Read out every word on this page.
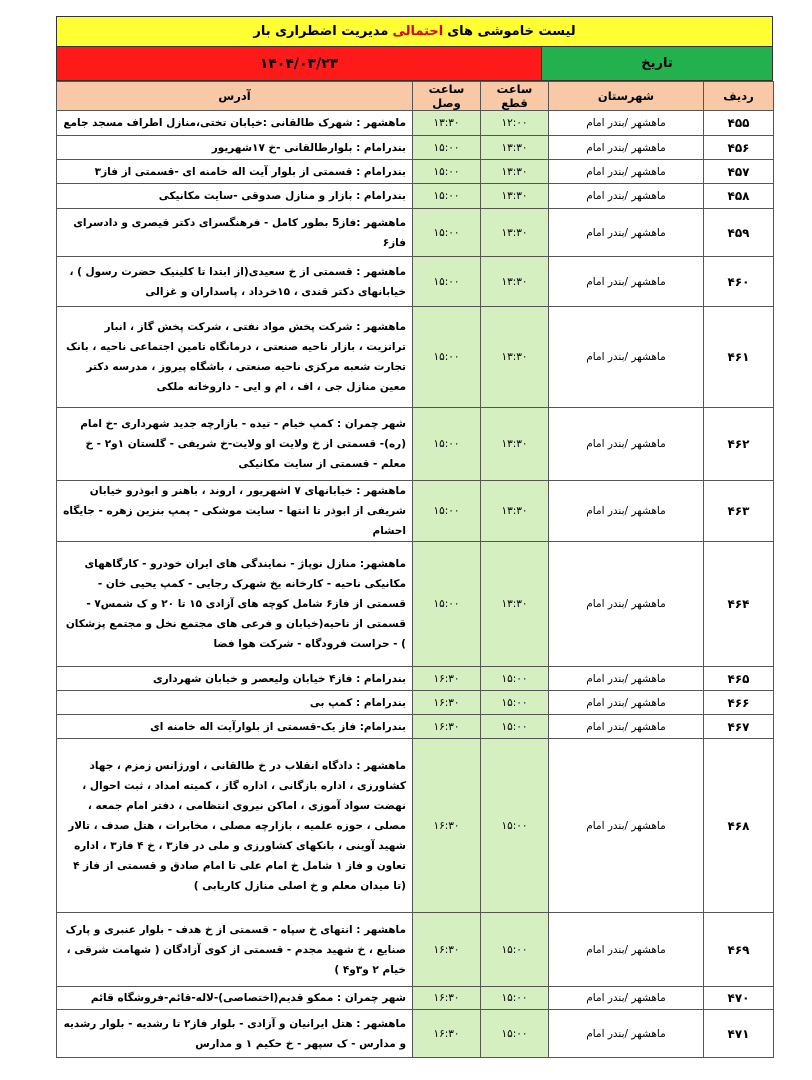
لیست خاموشی های
احتمالی
مدیریت اضطراری بار
تاریخ
۱۴۰۴/۰۳/۲۳
ردیف	شهرستان	ساعت قطع	ساعت وصل	آدرس
۴۵۵	ماهشهر /بندر امام	۱۲:۰۰	۱۳:۳۰	ماهشهر : شهرک طالقانی :خیابان تختی،منازل اطراف مسجد جامع
۴۵۶	ماهشهر /بندر امام	۱۳:۳۰	۱۵:۰۰	بندرامام : بلوارطالقانی -خ ۱۷شهریور
۴۵۷	ماهشهر /بندر امام	۱۳:۳۰	۱۵:۰۰	بندرامام : قسمتی از بلوار آیت اله خامنه ای -قسمتی از فاز۳
۴۵۸	ماهشهر /بندر امام	۱۳:۳۰	۱۵:۰۰	بندرامام : بازار و منازل صدوقی -سایت مکانیکی
۴۵۹	ماهشهر /بندر امام	۱۳:۳۰	۱۵:۰۰	ماهشهر :فاز5 بطور کامل - فرهنگسرای دکتر قیصری و دادسرای فاز۶
۴۶۰	ماهشهر /بندر امام	۱۳:۳۰	۱۵:۰۰	ماهشهر : قسمتی از خ سعیدی(از ابتدا تا کلینیک حضرت رسول ) ، خیابانهای دکتر قندی ، ۱۵خرداد ، پاسداران و غزالی
۴۶۱	ماهشهر /بندر امام	۱۳:۳۰	۱۵:۰۰	ماهشهر : شرکت پخش مواد نفتی ، شرکت پخش گاز ، انبار ترانزیت ، بازار ناحیه صنعتی ، درمانگاه تامین اجتماعی ناحیه ، بانک تجارت شعبه مرکزی ناحیه صنعتی ، باشگاه پیروز ، مدرسه دکتر معین منازل جی ، اف ، ام و ایی - داروخانه ملکی
۴۶۲	ماهشهر /بندر امام	۱۳:۳۰	۱۵:۰۰	شهر چمران : کمپ خیام - تیده - بازارچه جدید شهرداری -خ امام (ره)- قسمتی از خ ولایت او ولایت-خ شریفی - گلستان ۱و۲ - خ معلم - قسمتی از سایت مکانیکی
۴۶۳	ماهشهر /بندر امام	۱۳:۳۰	۱۵:۰۰	ماهشهر : خیابانهای ۷ اشهریور ، اروند ، باهنر و ابوذرو خیابان شریفی از ابوذر تا انتها - سایت موشکی - پمپ بنزین زهره - جایگاه احشام
۴۶۴	ماهشهر /بندر امام	۱۳:۳۰	۱۵:۰۰	ماهشهر: منازل نوپاژ - نمایندگی های ایران خودرو - کارگاههای مکانیکی ناحیه - کارخانه یخ شهرک رجایی - کمپ یحیی خان - قسمتی از فاز۶ شامل کوچه های آزادی ۱۵ تا ۲۰ و ک شمس۷ - قسمتی از ناحیه(خیابان و فرعی های مجتمع نخل و مجتمع پزشکان ) - حراست فرودگاه - شرکت هوا فضا
۴۶۵	ماهشهر /بندر امام	۱۵:۰۰	۱۶:۳۰	بندرامام : فاز۴ خیابان ولیعصر و خیابان شهرداری
۴۶۶	ماهشهر /بندر امام	۱۵:۰۰	۱۶:۳۰	بندرامام : کمپ بی
۴۶۷	ماهشهر /بندر امام	۱۵:۰۰	۱۶:۳۰	بندرامام: فاز یک-قسمتی از بلوارآیت اله خامنه ای
۴۶۸	ماهشهر /بندر امام	۱۵:۰۰	۱۶:۳۰	ماهشهر : دادگاه انقلاب در خ طالقانی ، اورژانس زمزم ، جهاد کشاورزی ، اداره بازگانی ، اداره گاز ، کمیته امداد ، ثبت احوال ، نهضت سواد آموزی ، اماکن نیروی انتظامی ، دفتر امام جمعه ، مصلی ، حوزه علمیه ، بازارچه مصلی ، مخابرات ، هتل صدف ، تالار شهید آوینی ، بانکهای کشاورزی و ملی در فاز۳ ، خ ۴ فاز۳ ، اداره تعاون و فاز ۱ شامل خ امام علی تا امام صادق و قسمتی از فاز ۴ (تا میدان معلم و خ اصلی منازل کاریابی )
۴۶۹	ماهشهر /بندر امام	۱۵:۰۰	۱۶:۳۰	ماهشهر : انتهای خ سپاه - قسمتی از خ هدف - بلوار عنبری و پارک صنایع ، خ شهید مجدم - قسمتی از کوی آزادگان ( شهامت شرقی ، خیام ۲ و۳و۴ )
۴۷۰	ماهشهر /بندر امام	۱۵:۰۰	۱۶:۳۰	شهر چمران : ممکو قدیم(اختصاصی)-لاله-قائم-فروشگاه قائم
۴۷۱	ماهشهر /بندر امام	۱۵:۰۰	۱۶:۳۰	ماهشهر : هتل ایرانیان و آزادی - بلوار فاز۲ تا رشدیه - بلوار رشدیه و مدارس - ک سپهر - خ حکیم ۱ و مدارس
